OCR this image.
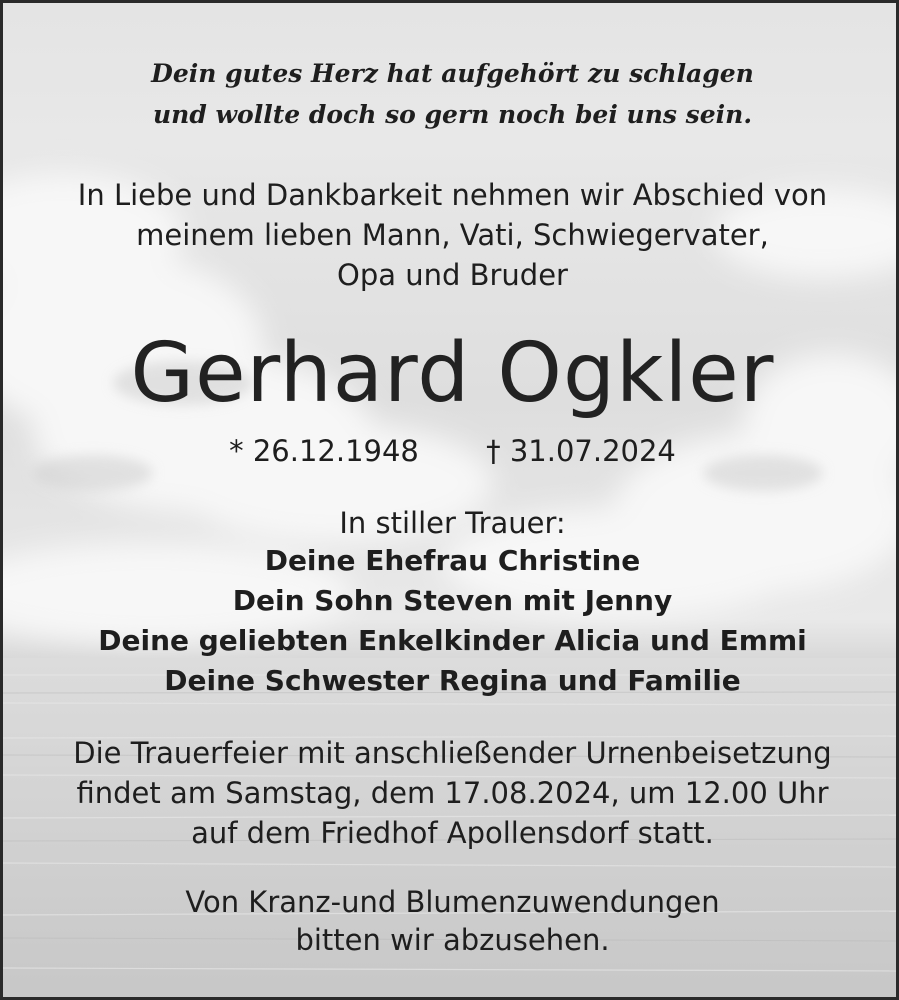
Dein gutes Herz hat aufgehört zu schlagen
und wollte doch so gern noch bei uns sein.
In Liebe und Dankbarkeit nehmen wir Abschied von
meinem lieben Mann, Vati, Schwiegervater,
Opa und Bruder
Gerhard Ogkler
* 26.12.1948 † 31.07.2024
In stiller Trauer:
Deine Ehefrau Christine
Dein Sohn Steven mit Jenny
Deine geliebten Enkelkinder Alicia und Emmi
Deine Schwester Regina und Familie
Die Trauerfeier mit anschließender Urnenbeisetzung
findet am Samstag, dem 17.08.2024, um 12.00 Uhr
auf dem Friedhof Apollensdorf statt.
Von Kranz-und Blumenzuwendungen
bitten wir abzusehen.
